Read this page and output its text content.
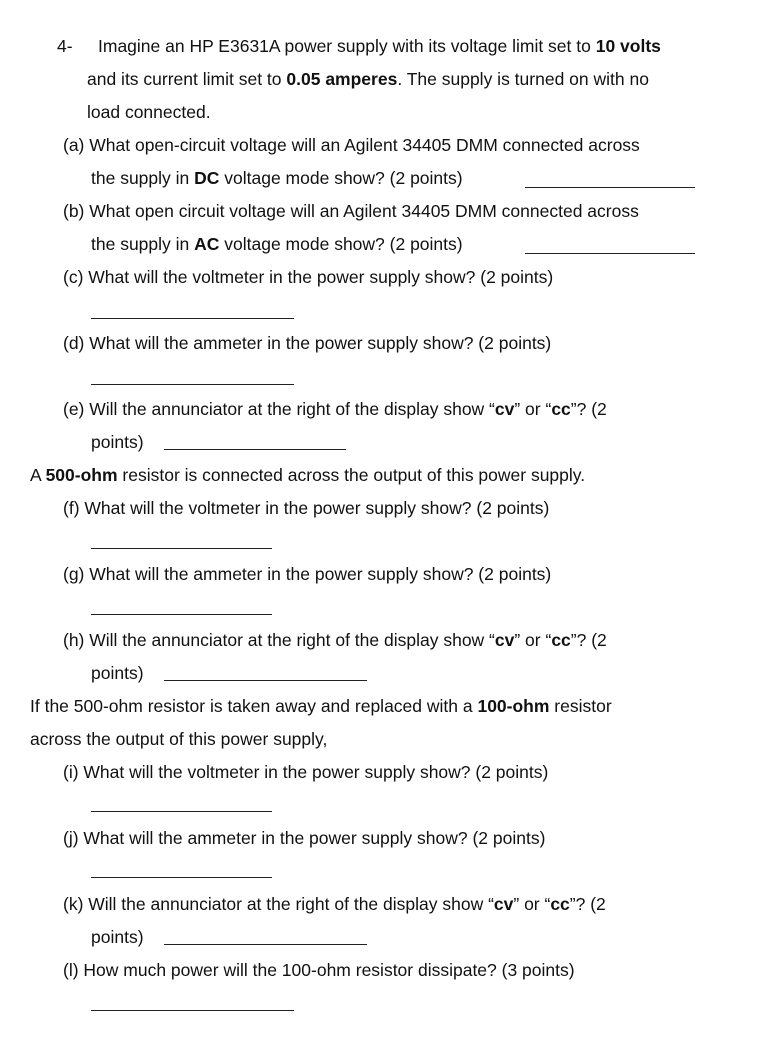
4- Imagine an HP E3631A power supply with its voltage limit set to 10 volts
and its current limit set to 0.05 amperes. The supply is turned on with no
load connected.
(a) What open-circuit voltage will an Agilent 34405 DMM connected across
the supply in DC voltage mode show? (2 points)
(b) What open circuit voltage will an Agilent 34405 DMM connected across
the supply in AC voltage mode show? (2 points)
(c) What will the voltmeter in the power supply show? (2 points)
(d) What will the ammeter in the power supply show? (2 points)
(e) Will the annunciator at the right of the display show “cv” or “cc”? (2
points)
A 500-ohm resistor is connected across the output of this power supply.
(f) What will the voltmeter in the power supply show? (2 points)
(g) What will the ammeter in the power supply show? (2 points)
(h) Will the annunciator at the right of the display show “cv” or “cc”? (2
points)
If the 500-ohm resistor is taken away and replaced with a 100-ohm resistor
across the output of this power supply,
(i) What will the voltmeter in the power supply show? (2 points)
(j) What will the ammeter in the power supply show? (2 points)
(k) Will the annunciator at the right of the display show “cv” or “cc”? (2
points)
(l) How much power will the 100-ohm resistor dissipate? (3 points)
